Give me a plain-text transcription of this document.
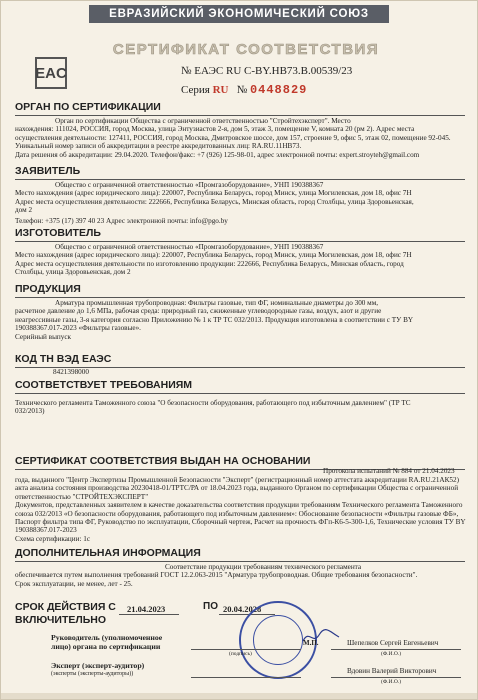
ЕВРАЗИЙСКИЙ ЭКОНОМИЧЕСКИЙ СОЮЗ
EAC
СЕРТИФИКАТ СООТВЕТСТВИЯ
№ ЕАЭС RU C-BY.НВ73.В.00539/23
Серия RU № 0448829
ОРГАН ПО СЕРТИФИКАЦИИ

Орган по сертификации Общества с ограниченной ответственностью "Стройтехэксперт". Место

нахождения: 111024, РОССИЯ, город Москва, улица Энтузиастов 2-я, дом 5, этаж 3, помещение V, комната 20 (рм 2). Адрес места

осуществления деятельности: 127411, РОССИЯ, город Москва, Дмитровское шоссе, дом 157, строение 9, офис 5, этаж 02, помещение 92-045.

Уникальный номер записи об аккредитации в реестре аккредитованных лиц: RA.RU.11НВ73.

Дата решения об аккредитации: 29.04.2020. Телефон/факс: +7 (926) 125-98-01, адрес электронной почты: expert.stroyteh@gmail.com

ЗАЯВИТЕЛЬ

Общество с ограниченной ответственностью «Промгазоборудование», УНП 190388367

Место нахождения (адрес юридического лица): 220007, Республика Беларусь, город Минск, улица Могилевская, дом 18, офис 7Н

Адрес места осуществления деятельности: 222666, Республика Беларусь, Минская область, город Столбцы, улица Здоровьенская,

дом 2

Телефон: +375 (17) 397 40 23 Адрес электронной почты: info@pgo.by

ИЗГОТОВИТЕЛЬ

Общество с ограниченной ответственностью «Промгазоборудование», УНП 190388367

Место нахождения (адрес юридического лица): 220007, Республика Беларусь, город Минск, улица Могилевская, дом 18, офис 7Н

Адрес места осуществления деятельности по изготовлению продукции: 222666, Республика Беларусь, Минская область, город

Столбцы, улица Здоровьенская, дом 2

ПРОДУКЦИЯ

Арматура промышленная трубопроводная: Фильтры газовые, тип ФГ, номинальные диаметры до 300 мм,

расчетное давление до 1,6 МПа, рабочая среда: природный газ, сжиженные углеводородные газы, воздух, азот и другие

неагрессивные газы, 3-я категория согласно Приложению № 1 к ТР ТС 032/2013. Продукция изготовлена в соответствии с ТУ BY

190388367.017-2023 «Фильтры газовые».

Серийный выпуск

КОД ТН ВЭД ЕАЭС
8421398000
СООТВЕТСТВУЕТ ТРЕБОВАНИЯМ

Технического регламента Таможенного союза "О безопасности оборудования, работающего под избыточным давлением" (ТР ТС

032/2013)

СЕРТИФИКАТ СООТВЕТСТВИЯ ВЫДАН НА ОСНОВАНИИ
Протокола испытаний № 884 от 21.04.2023

года, выданного "Центр Экспертизы Промышленной Безопасности "Эксперт" (регистрационный номер аттестата аккредитации RA.RU.21АК52)

акта анализа состояния производства 20230418-01/ТРТС/РА от 18.04.2023 года, выданного Органом по сертификации Общества с ограниченной

ответственностью "СТРОЙТЕХЭКСПЕРТ"

Документов, представленных заявителем в качестве доказательства соответствия продукции требованиям Технического регламента Таможенного

союза 032/2013 «О безопасности оборудования, работающего под избыточным давлением»: Обоснование безопасности «Фильтры газовые ФБ»,

Паспорт фильтра типа ФГ, Руководство по эксплуатации, Сборочный чертеж, Расчет на прочность ФГп-К6-5-300-1,6, Технические условия ТУ BY

190388367.017-2023

Схема сертификации: 1с

ДОПОЛНИТЕЛЬНАЯ ИНФОРМАЦИЯ

Соответствие продукции требованиям технического регламента

обеспечивается путем выполнения требований ГОСТ 12.2.063-2015 "Арматура трубопроводная. Общие требования безопасности".

Срок эксплуатации, не менее, лет - 25.

СРОК ДЕЙСТВИЯ С
ВКЛЮЧИТЕЛЬНО
21.04.2023	ПО 20.04.2028

Руководитель (уполномоченное

лицо) органа по сертификации

(подпись)
Шепелков Сергей Евгеньевич
(Ф.И.О.)
М.П.

Эксперт (эксперт-аудитор)

(эксперты (эксперты-аудиторы))	Вдовин Валерий Викторович
(Ф.И.О.)
